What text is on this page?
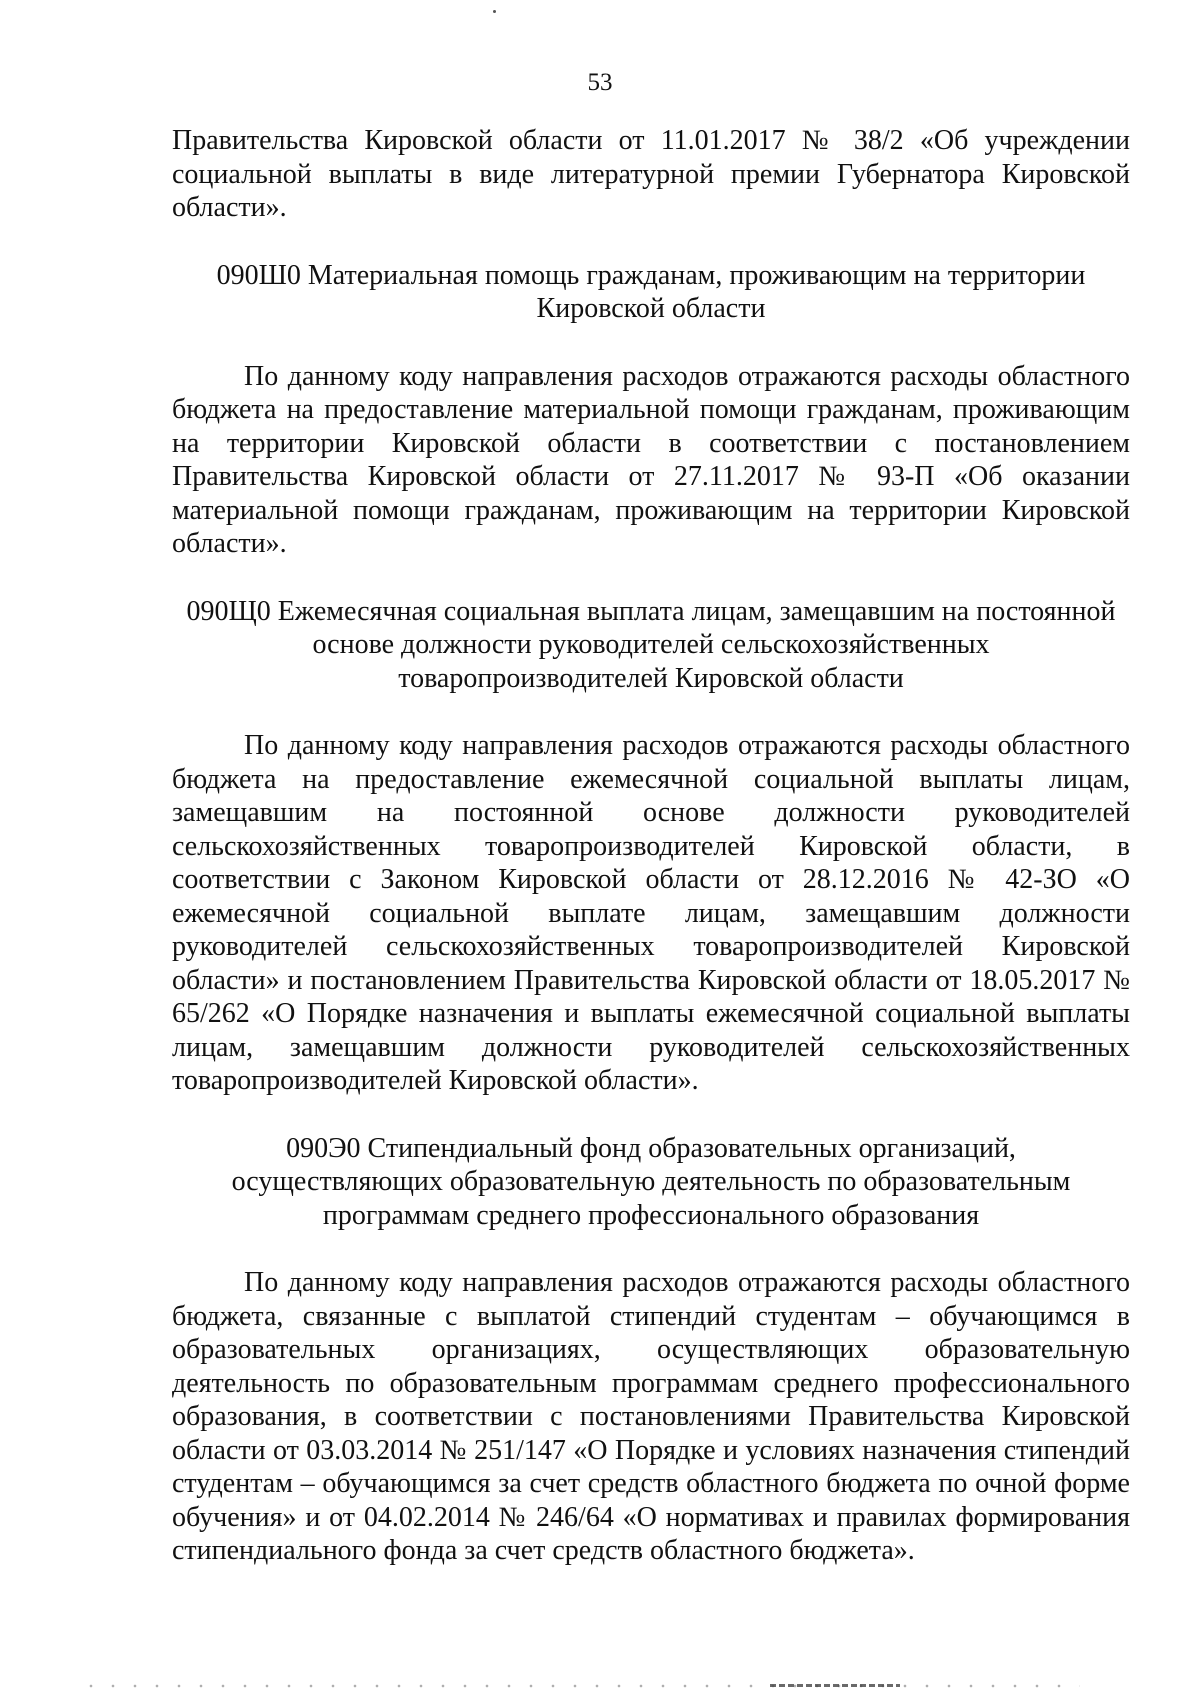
53

Правительства Кировской области от 11.01.2017 № 38/2 «Об учреждении социальной выплаты в виде литературной премии Губернатора Кировской области».

090Ш0 Материальная помощь гражданам, проживающим на территории Кировской области

По данному коду направления расходов отражаются расходы областного бюджета на предоставление материальной помощи гражданам, проживающим на территории Кировской области в соответствии с постановлением Правительства Кировской области от 27.11.2017 № 93-П «Об оказании материальной помощи гражданам, проживающим на территории Кировской области».

090Щ0 Ежемесячная социальная выплата лицам, замещавшим на постоянной основе должности руководителей сельскохозяйственных товаропроизводителей Кировской области

По данному коду направления расходов отражаются расходы областного бюджета на предоставление ежемесячной социальной выплаты лицам, замещавшим на постоянной основе должности руководителей сельскохозяйственных товаропроизводителей Кировской области, в соответствии с Законом Кировской области от 28.12.2016 № 42-ЗО «О ежемесячной социальной выплате лицам, замещавшим должности руководителей сельскохозяйственных товаропроизводителей Кировской области» и постановлением Правительства Кировской области от 18.05.2017 № 65/262 «О Порядке назначения и выплаты ежемесячной социальной выплаты лицам, замещавшим должности руководителей сельскохозяйственных товаропроизводителей Кировской области».

090Э0 Стипендиальный фонд образовательных организаций, осуществляющих образовательную деятельность по образовательным программам среднего профессионального образования

По данному коду направления расходов отражаются расходы областного бюджета, связанные с выплатой стипендий студентам – обучающимся в образовательных организациях, осуществляющих образовательную деятельность по образовательным программам среднего профессионального образования, в соответствии с постановлениями Правительства Кировской области от 03.03.2014 № 251/147 «О Порядке и условиях назначения стипендий студентам – обучающимся за счет средств областного бюджета по очной форме обучения» и от 04.02.2014 № 246/64 «О нормативах и правилах формирования стипендиального фонда за счет средств областного бюджета».
